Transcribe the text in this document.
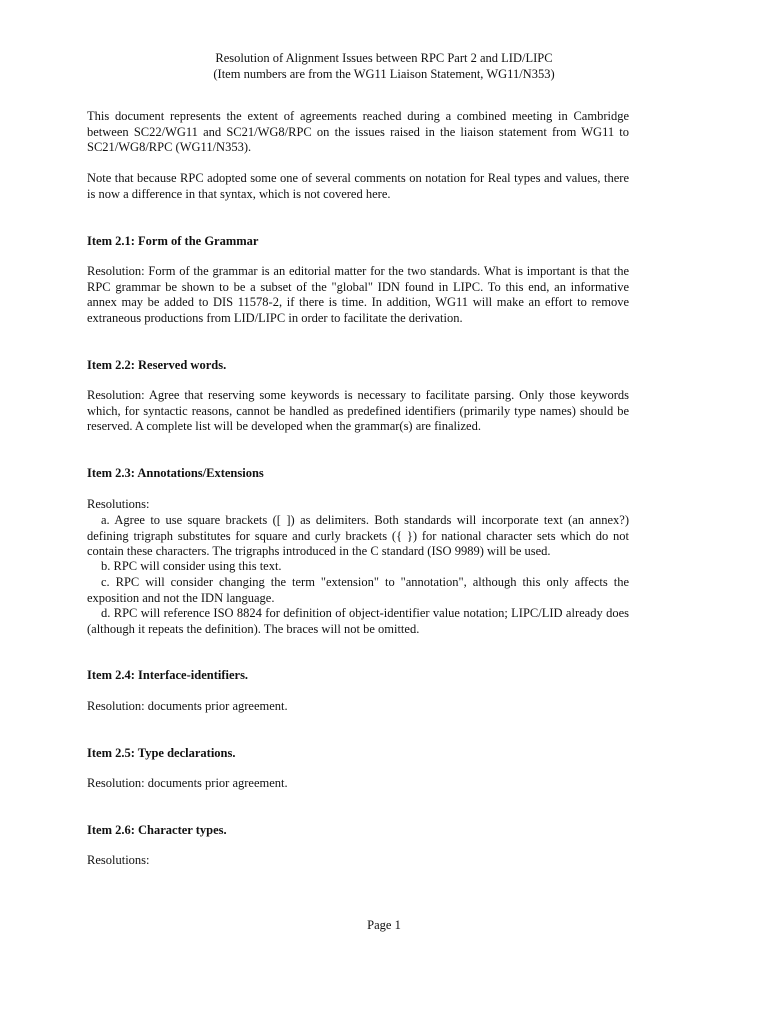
Resolution of Alignment Issues between RPC Part 2 and LID/LIPC
(Item numbers are from the WG11 Liaison Statement, WG11/N353)

This document represents the extent of agreements reached during a combined meeting in Cambridge between SC22/WG11 and SC21/WG8/RPC on the issues raised in the liaison statement from WG11 to SC21/WG8/RPC (WG11/N353).

Note that because RPC adopted some one of several comments on notation for Real types and values, there is now a difference in that syntax, which is not covered here.

Item 2.1: Form of the Grammar

Resolution: Form of the grammar is an editorial matter for the two standards. What is important is that the RPC grammar be shown to be a subset of the "global" IDN found in LIPC. To this end, an informative annex may be added to DIS 11578-2, if there is time. In addition, WG11 will make an effort to remove extraneous productions from LID/LIPC in order to facilitate the derivation.

Item 2.2: Reserved words.

Resolution: Agree that reserving some keywords is necessary to facilitate parsing. Only those keywords which, for syntactic reasons, cannot be handled as predefined identifiers (primarily type names) should be reserved. A complete list will be developed when the grammar(s) are finalized.

Item 2.3: Annotations/Extensions

Resolutions:

a. Agree to use square brackets ([ ]) as delimiters. Both standards will incorporate text (an annex?) defining trigraph substitutes for square and curly brackets ({ }) for national character sets which do not contain these characters. The trigraphs introduced in the C standard (ISO 9989) will be used.

b. RPC will consider using this text.

c. RPC will consider changing the term "extension" to "annotation", although this only affects the exposition and not the IDN language.

d. RPC will reference ISO 8824 for definition of object-identifier value notation; LIPC/LID already does (although it repeats the definition). The braces will not be omitted.

Item 2.4: Interface-identifiers.

Resolution: documents prior agreement.

Item 2.5: Type declarations.

Resolution: documents prior agreement.

Item 2.6: Character types.

Resolutions:

Page 1
